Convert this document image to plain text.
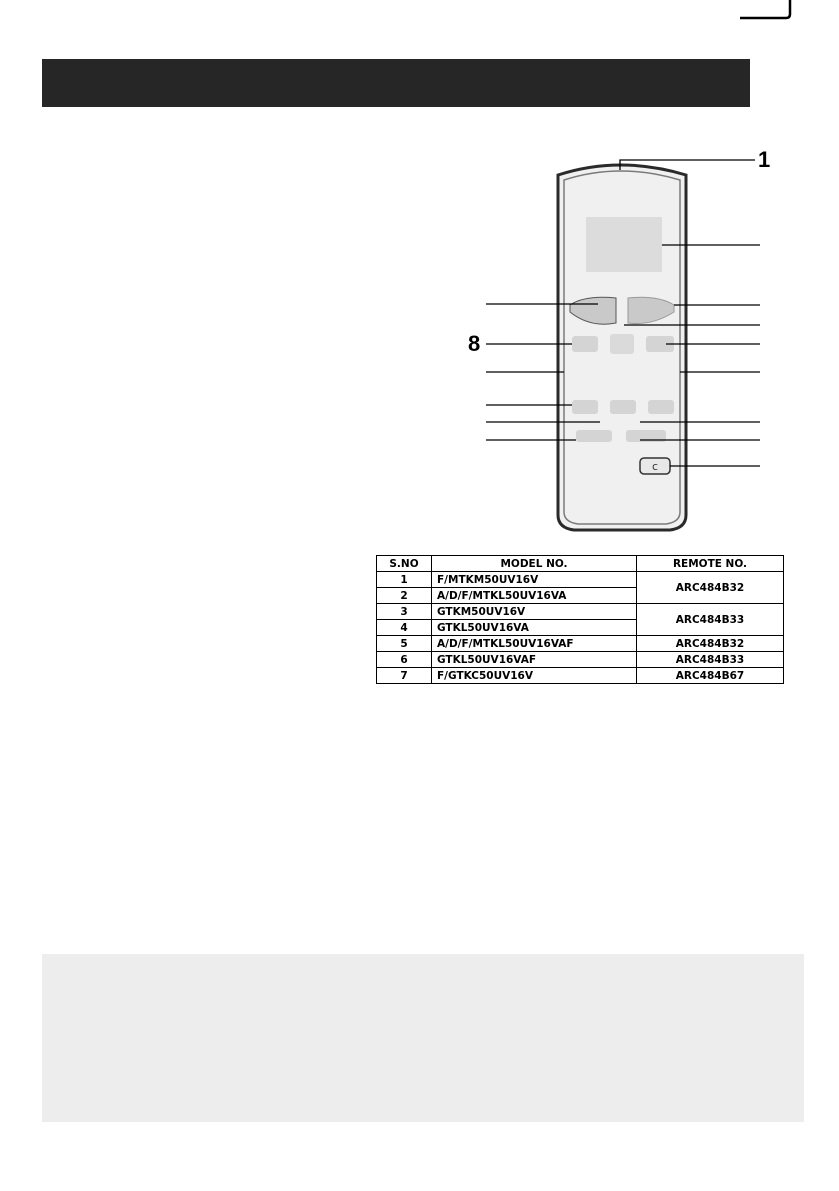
c
1
8
S.NO	MODEL NO.	REMOTE NO.
1	F/MTKM50UV16V	ARC484B32
2	A/D/F/MTKL50UV16VA	
3	GTKM50UV16V	ARC484B33
4	GTKL50UV16VA	
5	A/D/F/MTKL50UV16VAF	ARC484B32
6	GTKL50UV16VAF	ARC484B33
7	F/GTKC50UV16V	ARC484B67
